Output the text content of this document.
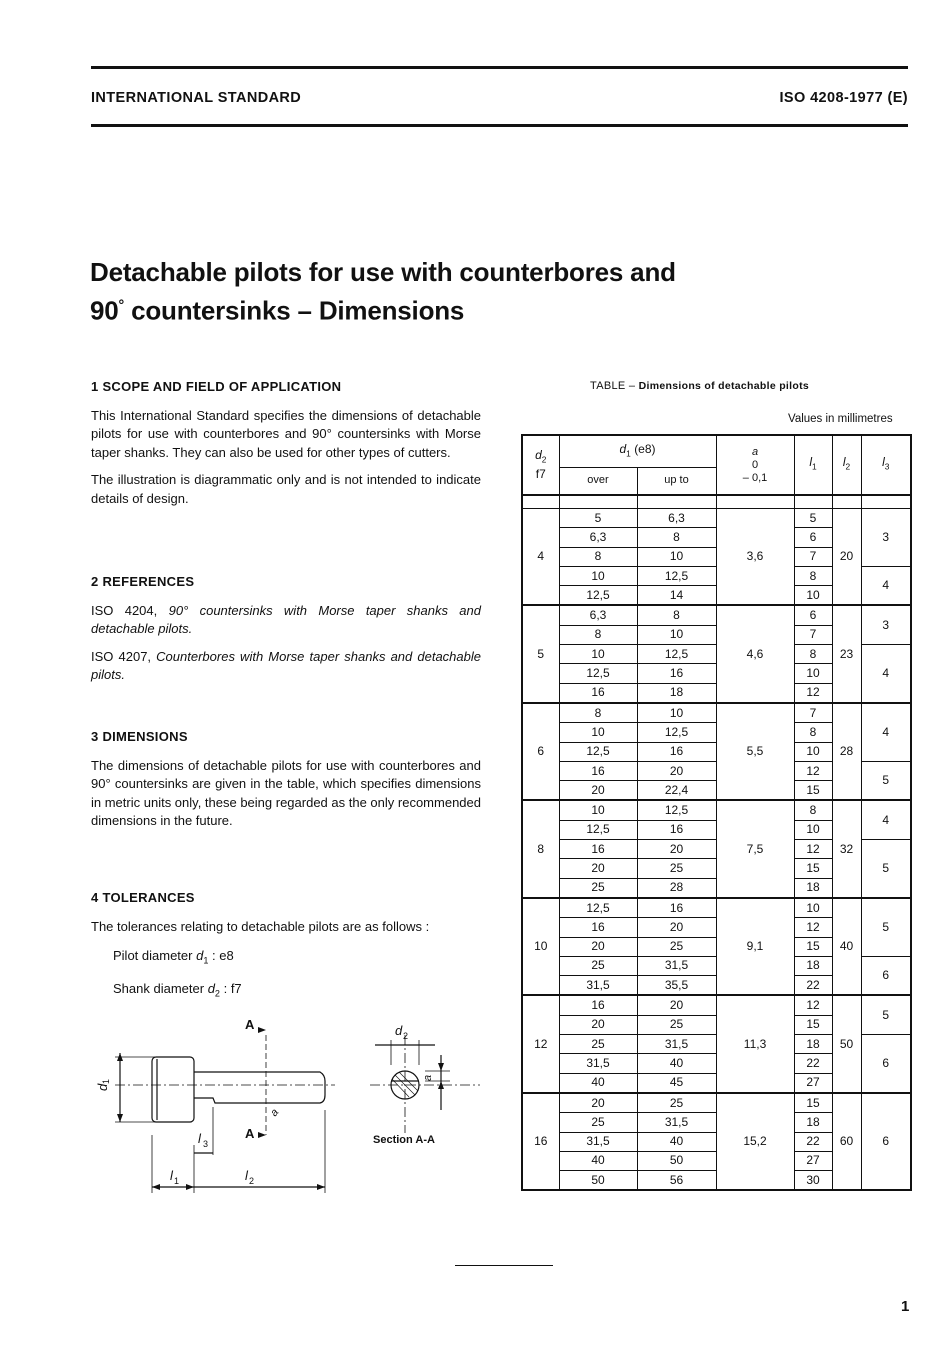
INTERNATIONAL STANDARD	ISO 4208-1977 (E)
Detachable pilots for use with counterbores and
90° countersinks – Dimensions

1 SCOPE AND FIELD OF APPLICATION

This International Standard specifies the dimensions of detachable pilots for use with counterbores and 90° countersinks with Morse taper shanks. They can also be used for other types of cutters.

The illustration is diagrammatic only and is not intended to indicate details of design.

2 REFERENCES

ISO 4204, 90° countersinks with Morse taper shanks and detachable pilots.

ISO 4207, Counterbores with Morse taper shanks and detachable pilots.

3 DIMENSIONS

The dimensions of detachable pilots for use with counterbores and 90° countersinks are given in the table, which specifies dimensions in metric units only, these being regarded as the only recommended dimensions in the future.

4 TOLERANCES

The tolerances relating to detachable pilots are as follows :

Pilot diameter $d_1$ : e8

Shank diameter $d_2$ : f7

A
A
d
1
d 2
l 1	l 2
l 3
a
a
Section A-A
TABLE – Dimensions of detachable pilots
Values in millimetres
$d_2$
f7	$d_1$ (e8)		a
0
– 0,1	$l_1$	$l_2$	$l_3$
	over	up to				

4	5	6,3	3,6	5	20	3
	6,3	8		6		
	8	10		7		
	10	12,5		8		4
	12,5	14		10		
5	6,3	8	4,6	6	23	3
	8	10		7		
	10	12,5		8		4
	12,5	16		10		
	16	18		12		
6	8	10	5,5	7	28	4
	10	12,5		8		
	12,5	16		10		
	16	20		12		5
	20	22,4		15		
8	10	12,5	7,5	8	32	4
	12,5	16		10		
	16	20		12		5
	20	25		15		
	25	28		18		
10	12,5	16	9,1	10	40	5
	16	20		12		
	20	25		15		
	25	31,5		18		6
	31,5	35,5		22		
12	16	20	11,3	12	50	5
	20	25		15		
	25	31,5		18		6
	31,5	40		22		
	40	45		27		
16	20	25	15,2	15	60	6
	25	31,5		18		
	31,5	40		22		
	40	50		27		
	50	56		30		
1
